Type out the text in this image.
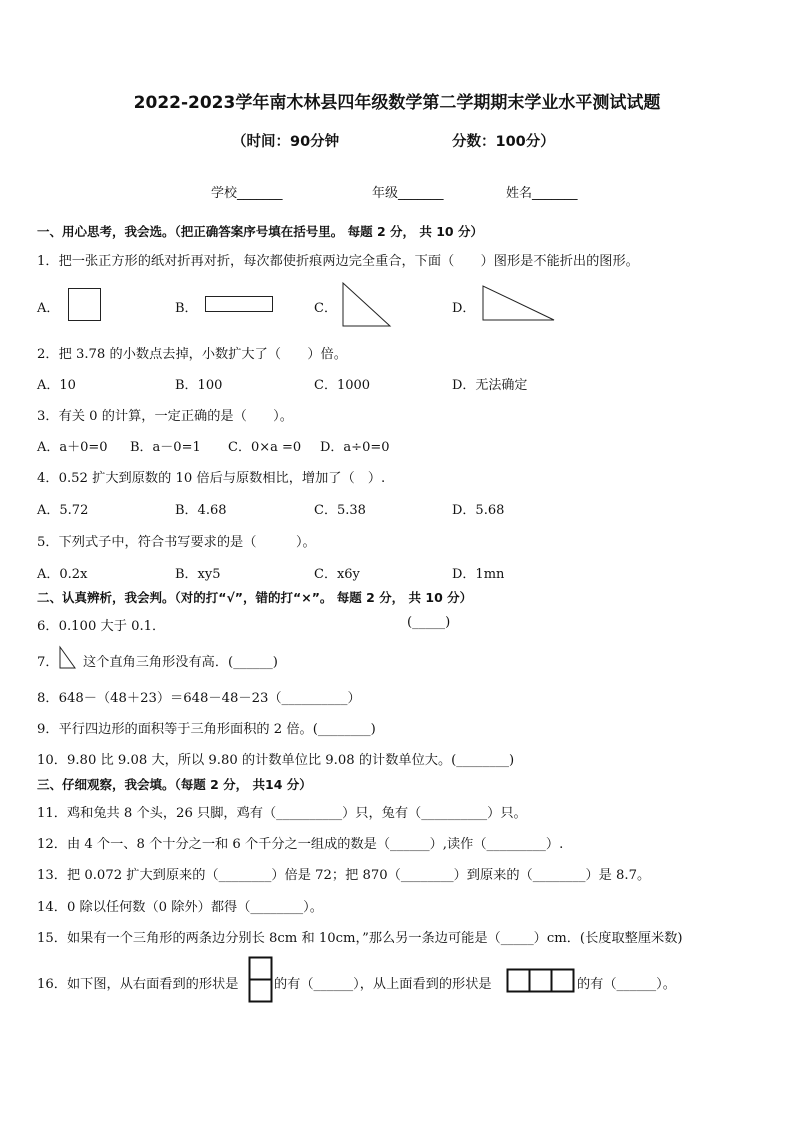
2022-2023学年南木林县四年级数学第二学期期末学业水平测试试题
（时间：90分钟	分数：100分）
学校_______	年级_______	姓名_______
一、用心思考，我会选。（把正确答案序号填在括号里。 每题 2 分， 共 10 分）
1．把一张正方形的纸对折再对折，每次都使折痕两边完全重合，下面（　　）图形是不能折出的图形。
A．	B．	C．	D．
2．把 3.78 的小数点去掉，小数扩大了（　　）倍。
A．10	B．100	C．1000	D．无法确定
3．有关 0 的计算，一定正确的是（　　）。
A．a＋0=0 B．a－0=1 C．0×a =0 D．a÷0=0
4．0.52 扩大到原数的 10 倍后与原数相比，增加了（　）.
A．5.72	B．4.68	C．5.38	D．5.68
5．下列式子中，符合书写要求的是（　　　）。
A．0.2x	B．xy5	C．x6y	D．1mn
二、认真辨析，我会判。（对的打“√”，错的打“×”。 每题 2 分， 共 10 分）
6．0.100 大于 0.1．	(_____)
7． 这个直角三角形没有高．(______)
8．648－（48＋23）＝648－48－23（__________）
9．平行四边形的面积等于三角形面积的 2 倍。(________)
10．9.80 比 9.08 大，所以 9.80 的计数单位比 9.08 的计数单位大。(________)
三、仔细观察，我会填。（每题 2 分， 共14 分）
11．鸡和兔共 8 个头，26 只脚，鸡有（__________）只，兔有（__________）只。
12．由 4 个一、8 个十分之一和 6 个千分之一组成的数是（______）,读作（_________）.
13．把 0.072 扩大到原来的（________）倍是 72；把 870（________）到原来的（________）是 8.7。
14．0 除以任何数（0 除外）都得（________）。
15．如果有一个三角形的两条边分别长 8cm 和 10cm，”那么另一条边可能是（_____）cm．(长度取整厘米数)
16．如下图，从右面看到的形状是	的有（______），从上面看到的形状是	的有（______）。
